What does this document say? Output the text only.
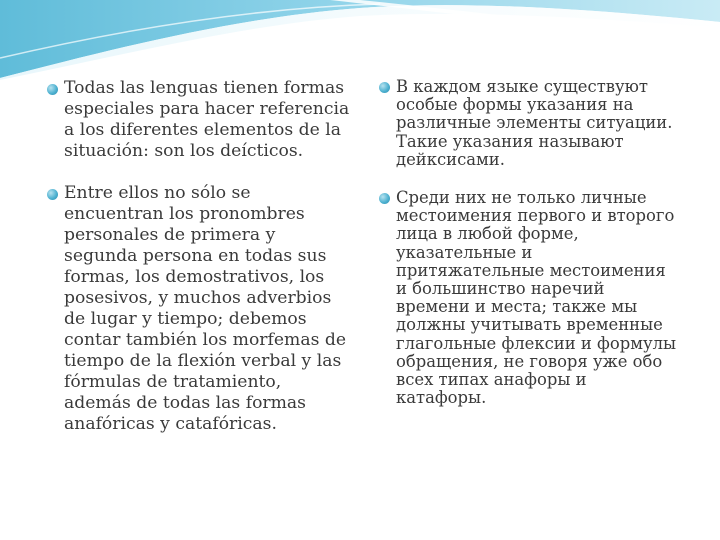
Todas las lenguas tienen formas especiales para hacer referencia a los diferentes elementos de la situación: son los deícticos.
Entre ellos no sólo se encuentran los pronombres personales de primera y segunda persona en todas sus formas, los demostrativos, los posesivos, y muchos adverbios de lugar y tiempo; debemos contar también los morfemas de tiempo de la flexión verbal y las fórmulas de tratamiento, además de todas las formas anafóricas y catafóricas.
В каждом языке существуют особые формы указания на различные элементы ситуации. Такие указания называют дейксисами.
Среди них не только личные местоимения первого и второго лица в любой форме, указательные и притяжательные местоимения и большинство наречий времени и места; также мы должны учитывать временные глагольные флексии и формулы обращения, не говоря уже обо всех типах анафоры и катафоры.
